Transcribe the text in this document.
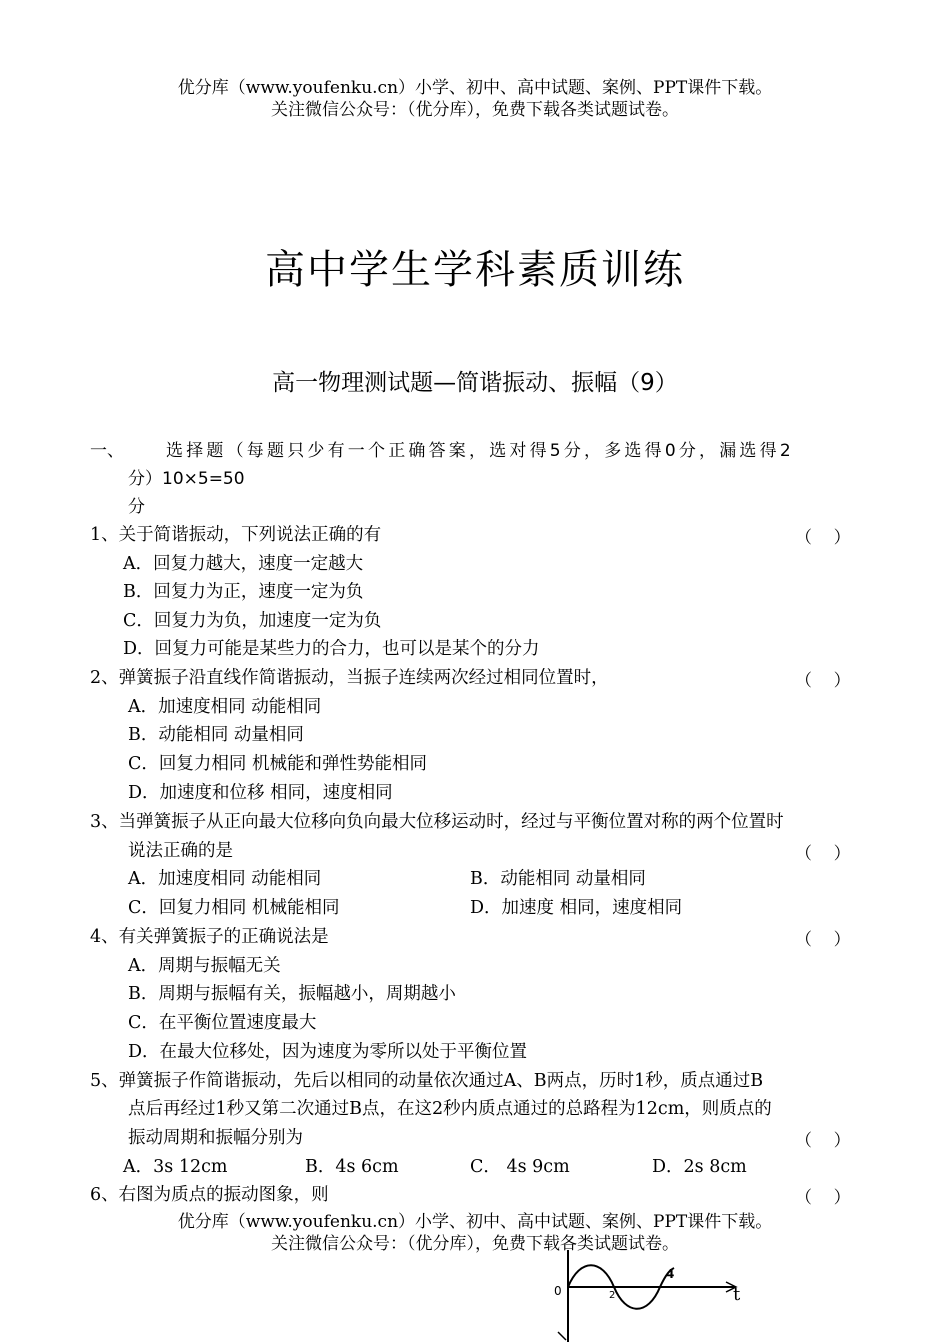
优分库（www.youfenku.cn）小学、初中、高中试题、案例、PPT课件下载。
关注微信公众号：（优分库），免费下载各类试题试卷。
高中学生学科素质训练
高一物理测试题—简谐振动、振幅（9）
一、 选择题（每题只少有一个正确答案，选对得5分，多选得0分，漏选得2
分）10×5=50
分
1、关于简谐振动，下列说法正确的有	（    ）
A．回复力越大，速度一定越大
B．回复力为正，速度一定为负
C．回复力为负，加速度一定为负
D．回复力可能是某些力的合力，也可以是某个的分力
2、弹簧振子沿直线作简谐振动，当振子连续两次经过相同位置时，	（    ）
A．加速度相同 动能相同
B．动能相同 动量相同
C．回复力相同 机械能和弹性势能相同
D．加速度和位移 相同，速度相同
3、当弹簧振子从正向最大位移向负向最大位移运动时，经过与平衡位置对称的两个位置时
说法正确的是	（    ）
A．加速度相同 动能相同	B．动能相同 动量相同
C．回复力相同 机械能相同	D．加速度 相同，速度相同
4、有关弹簧振子的正确说法是	（    ）
A．周期与振幅无关
B．周期与振幅有关，振幅越小，周期越小
C．在平衡位置速度最大
D．在最大位移处，因为速度为零所以处于平衡位置
5、弹簧振子作简谐振动，先后以相同的动量依次通过A、B两点，历时1秒，质点通过B
点后再经过1秒又第二次通过B点，在这2秒内质点通过的总路程为12cm，则质点的
振动周期和振幅分别为	（    ）
A．3s 12cm	B．4s 6cm	C． 4s 9cm	D．2s 8cm
6、右图为质点的振动图象，则	（    ）
0	2
4
t
优分库（www.youfenku.cn）小学、初中、高中试题、案例、PPT课件下载。
关注微信公众号：（优分库），免费下载各类试题试卷。
